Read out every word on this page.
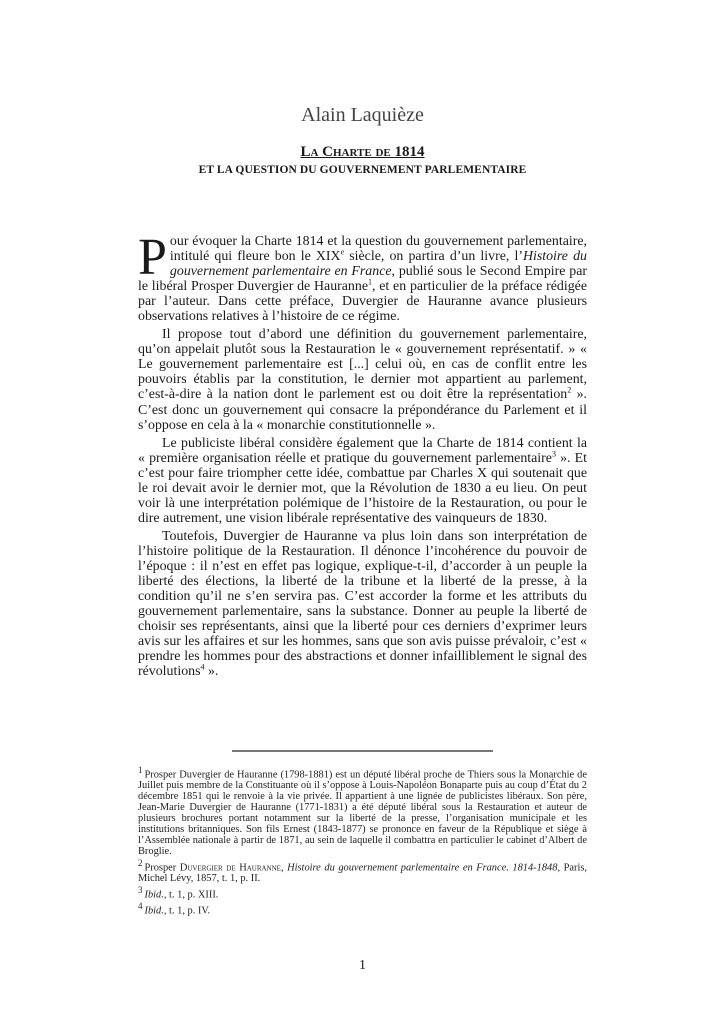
Alain Laquièze
La Charte de 1814
ET LA QUESTION DU GOUVERNEMENT PARLEMENTAIRE

Pour évoquer la Charte 1814 et la question du gouvernement parlementaire, intitulé qui fleure bon le XIXe siècle, on partira d’un livre, l’Histoire du gouvernement parlementaire en France, publié sous le Second Empire par le libéral Prosper Duvergier de Hauranne$^1$, et en particulier de la préface rédigée par l’auteur. Dans cette préface, Duvergier de Hauranne avance plusieurs observations relatives à l’histoire de ce régime.

Il propose tout d’abord une définition du gouvernement parlementaire, qu’on appelait plutôt sous la Restauration le « gouvernement représentatif. » « Le gouvernement parlementaire est [...] celui où, en cas de conflit entre les pouvoirs établis par la constitution, le dernier mot appartient au parlement, c’est-à-dire à la nation dont le parlement est ou doit être la représentation$^2$ ». C’est donc un gouvernement qui consacre la prépondérance du Parlement et il s’oppose en cela à la « monarchie constitutionnelle ».

Le publiciste libéral considère également que la Charte de 1814 contient la « première organisation réelle et pratique du gouvernement parlementaire$^3$ ». Et c’est pour faire triompher cette idée, combattue par Charles X qui soutenait que le roi devait avoir le dernier mot, que la Révolution de 1830 a eu lieu. On peut voir là une interprétation polémique de l’histoire de la Restauration, ou pour le dire autrement, une vision libérale représentative des vainqueurs de 1830.

Toutefois, Duvergier de Hauranne va plus loin dans son interprétation de l’histoire politique de la Restauration. Il dénonce l’incohérence du pouvoir de l’époque : il n’est en effet pas logique, explique-t-il, d’accorder à un peuple la liberté des élections, la liberté de la tribune et la liberté de la presse, à la condition qu’il ne s’en servira pas. C’est accorder la forme et les attributs du gouvernement parlementaire, sans la substance. Donner au peuple la liberté de choisir ses représentants, ainsi que la liberté pour ces derniers d’exprimer leurs avis sur les affaires et sur les hommes, sans que son avis puisse prévaloir, c’est « prendre les hommes pour des abstractions et donner infailliblement le signal des révolutions$^4$ ».

1 Prosper Duvergier de Hauranne (1798-1881) est un député libéral proche de Thiers sous la Monarchie de Juillet puis membre de la Constituante où il s’oppose à Louis-Napoléon Bonaparte puis au coup d’État du 2 décembre 1851 qui le renvoie à la vie privée. Il appartient à une lignée de publicistes libéraux. Son père, Jean-Marie Duvergier de Hauranne (1771-1831) a été député libéral sous la Restauration et auteur de plusieurs brochures portant notamment sur la liberté de la presse, l’organisation municipale et les institutions britanniques. Son fils Ernest (1843-1877) se prononce en faveur de la République et siège à l’Assemblée nationale à partir de 1871, au sein de laquelle il combattra en particulier le cabinet d’Albert de Broglie.
2 Prosper Duvergier de Hauranne, Histoire du gouvernement parlementaire en France. 1814-1848, Paris, Michel Lévy, 1857, t. 1, p. II.
3 Ibid., t. 1, p. XIII.
4 Ibid., t. 1, p. IV.
1
